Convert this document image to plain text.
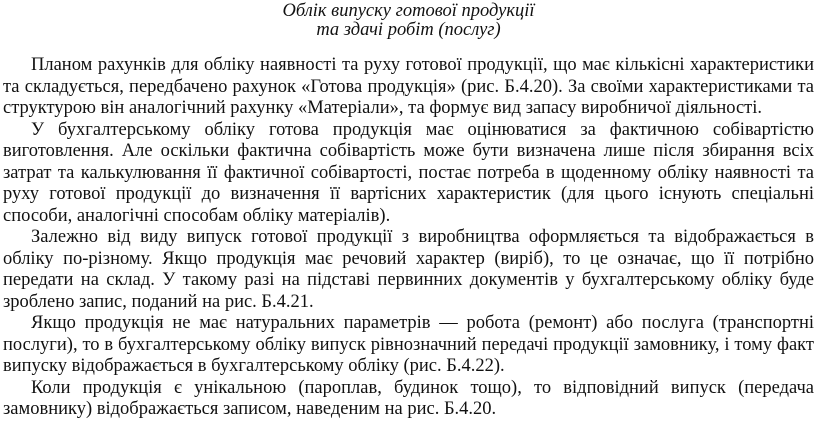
Облік випуску готової продукції

та здачі робіт (послуг)

Планом рахунків для обліку наявності та руху готової продукції, що має кількісні характеристики та складується, передбачено рахунок «Готова продукція» (рис. Б.4.20). За своїми характеристиками та структурою він аналогічний рахунку «Матеріали», та формує вид запасу виробничої діяльності.

У бухгалтерському обліку готова продукція має оцінюватися за фактичною собівартістю виготовлення. Але оскільки фактична собівартість може бути визначена лише після збирання всіх затрат та калькулювання її фактичної собівартості, постає потреба в щоденному обліку наявності та руху готової продукції до визначення її вартісних характеристик (для цього існують спеціальні способи, аналогічні способам обліку матеріалів).

Залежно від виду випуск готової продукції з виробництва оформляється та відображається в обліку по-різному. Якщо продукція має речовий характер (виріб), то це означає, що її потрібно передати на склад. У такому разі на підставі первинних документів у бухгалтерському обліку буде зроблено запис, поданий на рис. Б.4.21.

Якщо продукція не має натуральних параметрів — робота (ремонт) або послуга (транспортні послуги), то в бухгалтерському обліку випуск рівнозначний передачі продукції замовнику, і тому факт випуску відображається в бухгалтерському обліку (рис. Б.4.22).

Коли продукція є унікальною (пароплав, будинок тощо), то відповідний випуск (передача замовнику) відображається записом, наведеним на рис. Б.4.20.
